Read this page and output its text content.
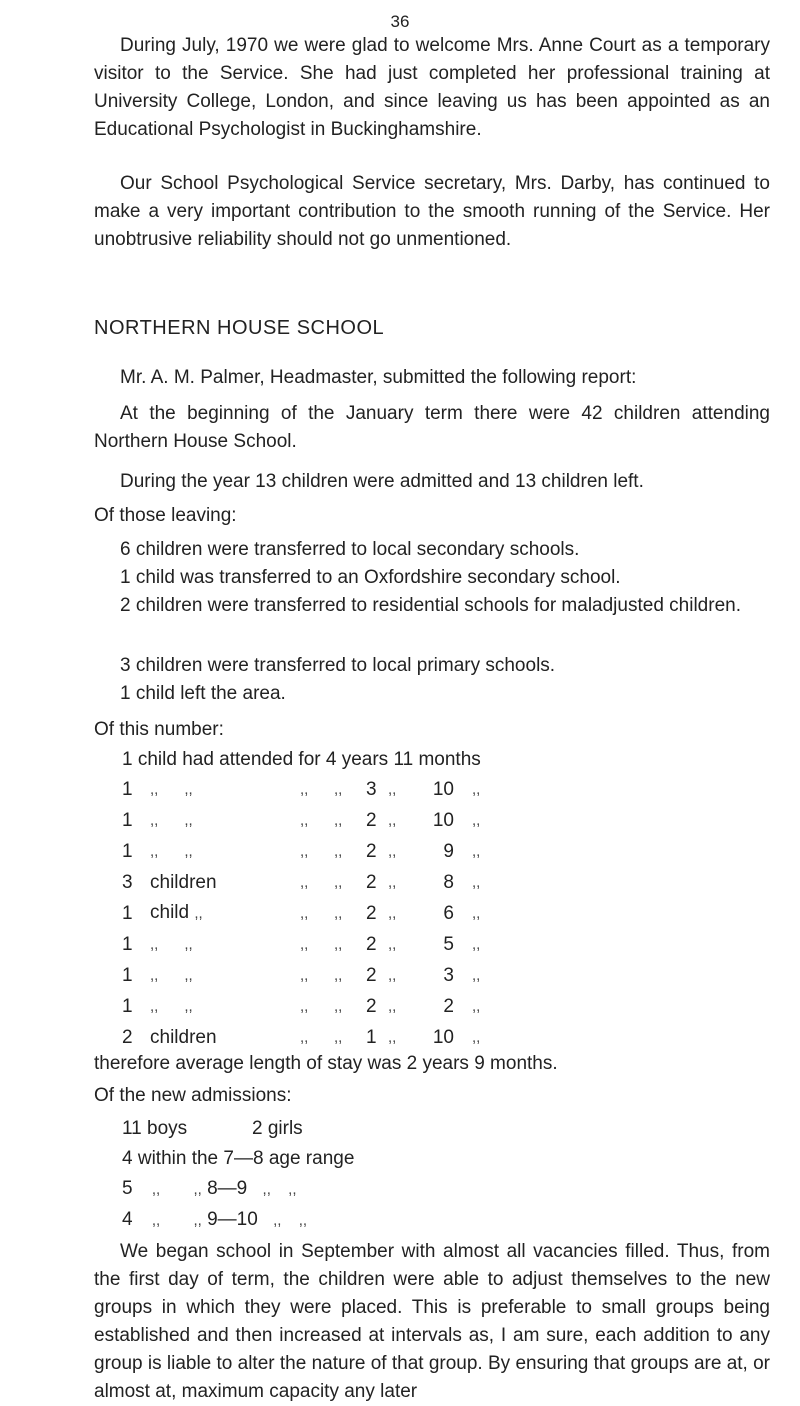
36

During July, 1970 we were glad to welcome Mrs. Anne Court as a temporary visitor to the Service. She had just completed her professional training at University College, London, and since leaving us has been appointed as an Educational Psychologist in Buckinghamshire.

Our School Psychological Service secretary, Mrs. Darby, has continued to make a very important contribution to the smooth running of the Service. Her unobtrusive reliability should not go unmentioned.

NORTHERN HOUSE SCHOOL

Mr. A. M. Palmer, Headmaster, submitted the following report:

At the beginning of the January term there were 42 children attending Northern House School.

During the year 13 children were admitted and 13 children left.

Of those leaving:

6 children were transferred to local secondary schools.

1 child was transferred to an Oxfordshire secondary school.

2 children were transferred to residential schools for maladjusted children.

3 children were transferred to local primary schools.

1 child left the area.

Of this number:

1 child had attended for 4 years 11 months

1	,, ,,	,,	,,	3	,,	10	,,
1	,, ,,	,,	,,	2	,,	10	,,
1	,, ,,	,,	,,	2	,,	9	,,
3	children	,,	,,	2	,,	8	,,
1	child ,,	,,	,,	2	,,	6	,,
1	,, ,,	,,	,,	2	,,	5	,,
1	,, ,,	,,	,,	2	,,	3	,,
1	,, ,,	,,	,,	2	,,	2	,,
2	children	,,	,,	1	,,	10	,,

therefore average length of stay was 2 years 9 months.

Of the new admissions:

11 boys	2 girls
4 within the 7—8 age range
5 ,, ,, 8—9 ,, ,,
4 ,, ,, 9—10 ,, ,,

We began school in September with almost all vacancies filled. Thus, from the first day of term, the children were able to adjust themselves to the new groups in which they were placed. This is preferable to small groups being established and then increased at intervals as, I am sure, each addition to any group is liable to alter the nature of that group. By ensuring that groups are at, or almost at, maximum capacity any later
